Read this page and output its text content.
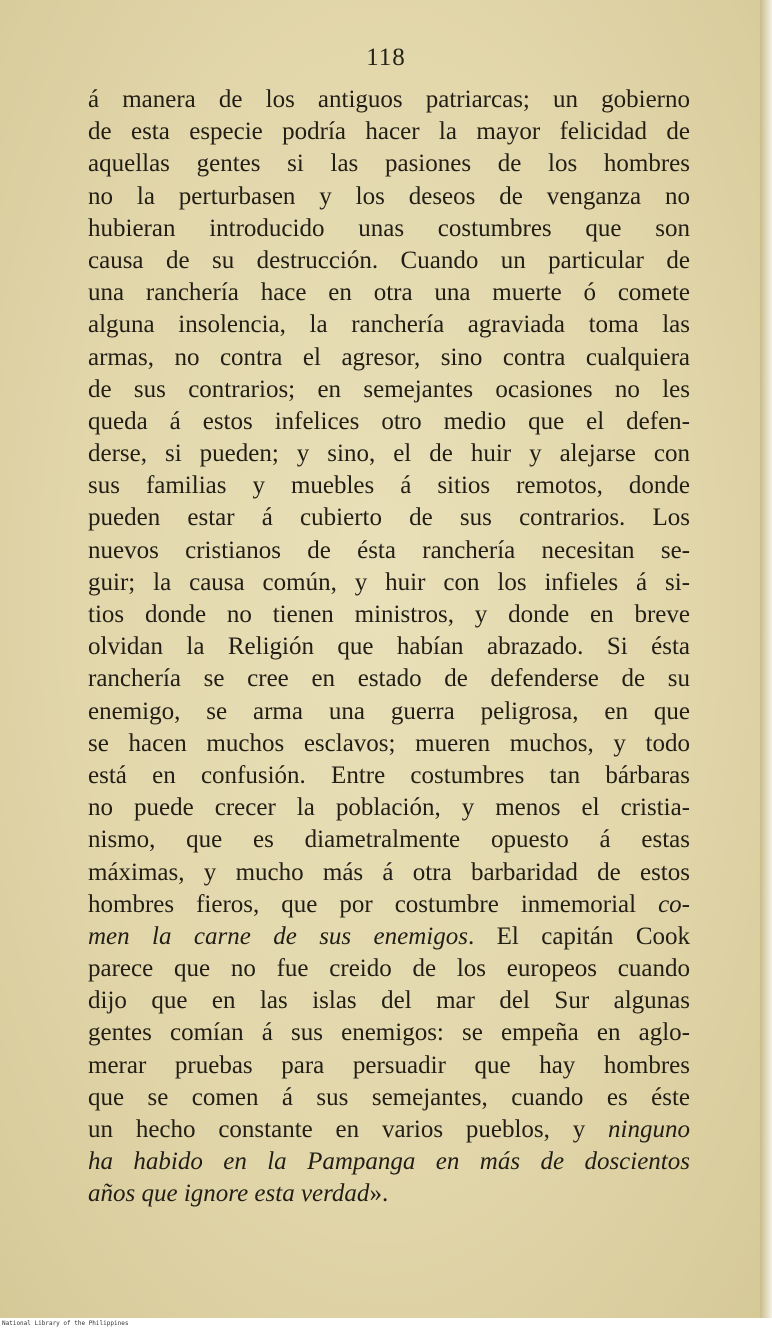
118
á manera de los antiguos patriarcas; un gobierno
de esta especie podría hacer la mayor felicidad de
aquellas gentes si las pasiones de los hombres
no la perturbasen y los deseos de venganza no
hubieran introducido unas costumbres que son
causa de su destrucción. Cuando un particular de
una ranchería hace en otra una muerte ó comete
alguna insolencia, la ranchería agraviada toma las
armas, no contra el agresor, sino contra cualquiera
de sus contrarios; en semejantes ocasiones no les
queda á estos infelices otro medio que el defen-
derse, si pueden; y sino, el de huir y alejarse con
sus familias y muebles á sitios remotos, donde
pueden estar á cubierto de sus contrarios. Los
nuevos cristianos de ésta ranchería necesitan se-
guir; la causa común, y huir con los infieles á si-
tios donde no tienen ministros, y donde en breve
olvidan la Religión que habían abrazado. Si ésta
ranchería se cree en estado de defenderse de su
enemigo, se arma una guerra peligrosa, en que
se hacen muchos esclavos; mueren muchos, y todo
está en confusión. Entre costumbres tan bárbaras
no puede crecer la población, y menos el cristia-
nismo, que es diametralmente opuesto á estas
máximas, y mucho más á otra barbaridad de estos
hombres fieros, que por costumbre inmemorial co-
men la carne de sus enemigos. El capitán Cook
parece que no fue creido de los europeos cuando
dijo que en las islas del mar del Sur algunas
gentes comían á sus enemigos: se empeña en aglo-
merar pruebas para persuadir que hay hombres
que se comen á sus semejantes, cuando es éste
un hecho constante en varios pueblos, y ninguno
ha habido en la Pampanga en más de doscientos
años que ignore esta verdad».
National Library of the Philippines
